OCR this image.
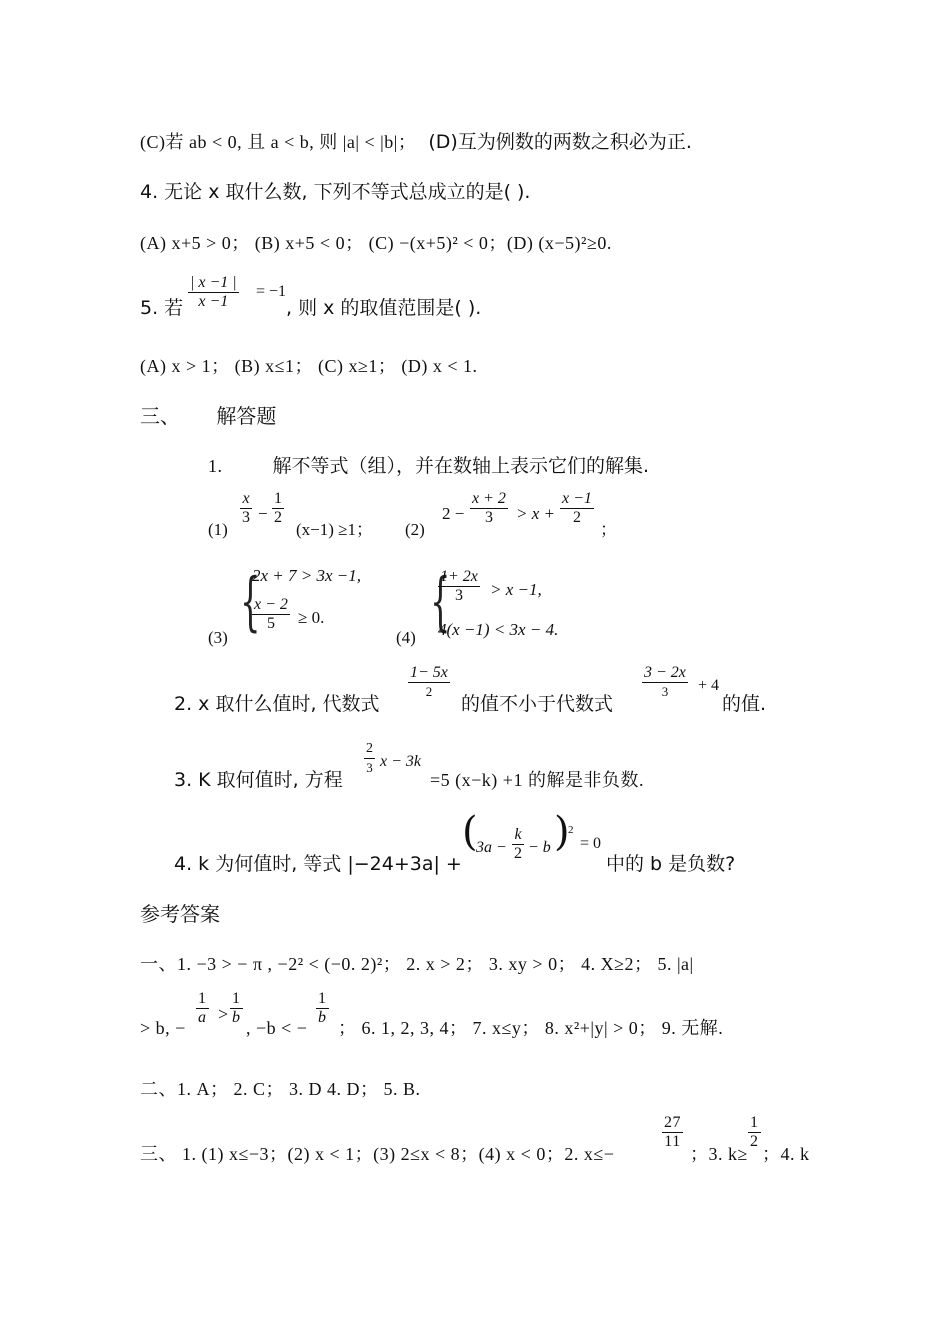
(C)若 ab < 0, 且 a < b, 则 |a| < |b|； (D)互为例数的两数之积必为正.
4. 无论 x 取什么数, 下列不等式总成立的是( ).
(A) x+5 > 0； (B) x+5 < 0； (C) −(x+5)² < 0；(D) (x−5)²≥0.
5. 若 $\frac{| x -1 |}{x -1} = -1$
, 则 x 的取值范围是( ).
(A) x > 1； (B) x≤1； (C) x≥1； (D) x < 1.
三、 解答题
1.	解不等式（组），并在数轴上表示它们的解集.
(1)
$\frac{x}{3} - \frac{1}{2}$
(x−1) ≥1； (2)
$2 - \frac{x + 2}{3} > x + \frac{x -1}{2}$
；
(3) {
2x + 7 > 3x −1,
$\frac{x - 2}{5} \ge 0$.
(4) {
$\frac{1+ 2x}{3} > x -1$,
4(x −1) < 3x − 4.
2. x 取什么值时, 代数式
1− 5x
2
的值不小于代数式
3 − 2x
3 + 4
的值.
3. K 取何值时, 方程
$\frac{2}{3}$ x − 3k
=5 (x−k) +1 的解是非负数.
4. k 为何值时, 等式 |−24+3a| +
(
$3a - \frac{k}{2} - b$ )
2
= 0
中的 b 是负数?
参考答案
一、1. −3 > − π , −2² < (−0. 2)²； 2. x > 2； 3. xy > 0； 4. X≥2； 5. |a|
> b, −
$\frac{1}{a} > \frac{1}{b}$
, −b < −
$\frac{1}{b}$
； 6. 1, 2, 3, 4； 7. x≤y； 8. x²+|y| > 0； 9. 无解.
二、1. A； 2. C； 3. D 4. D； 5. B.
三、 1. (1) x≤−3；(2) x < 1；(3) 2≤x < 8；(4) x < 0；2. x≤−
$\frac{27}{11}$
；3. k≥
$\frac{1}{2}$
；4. k
